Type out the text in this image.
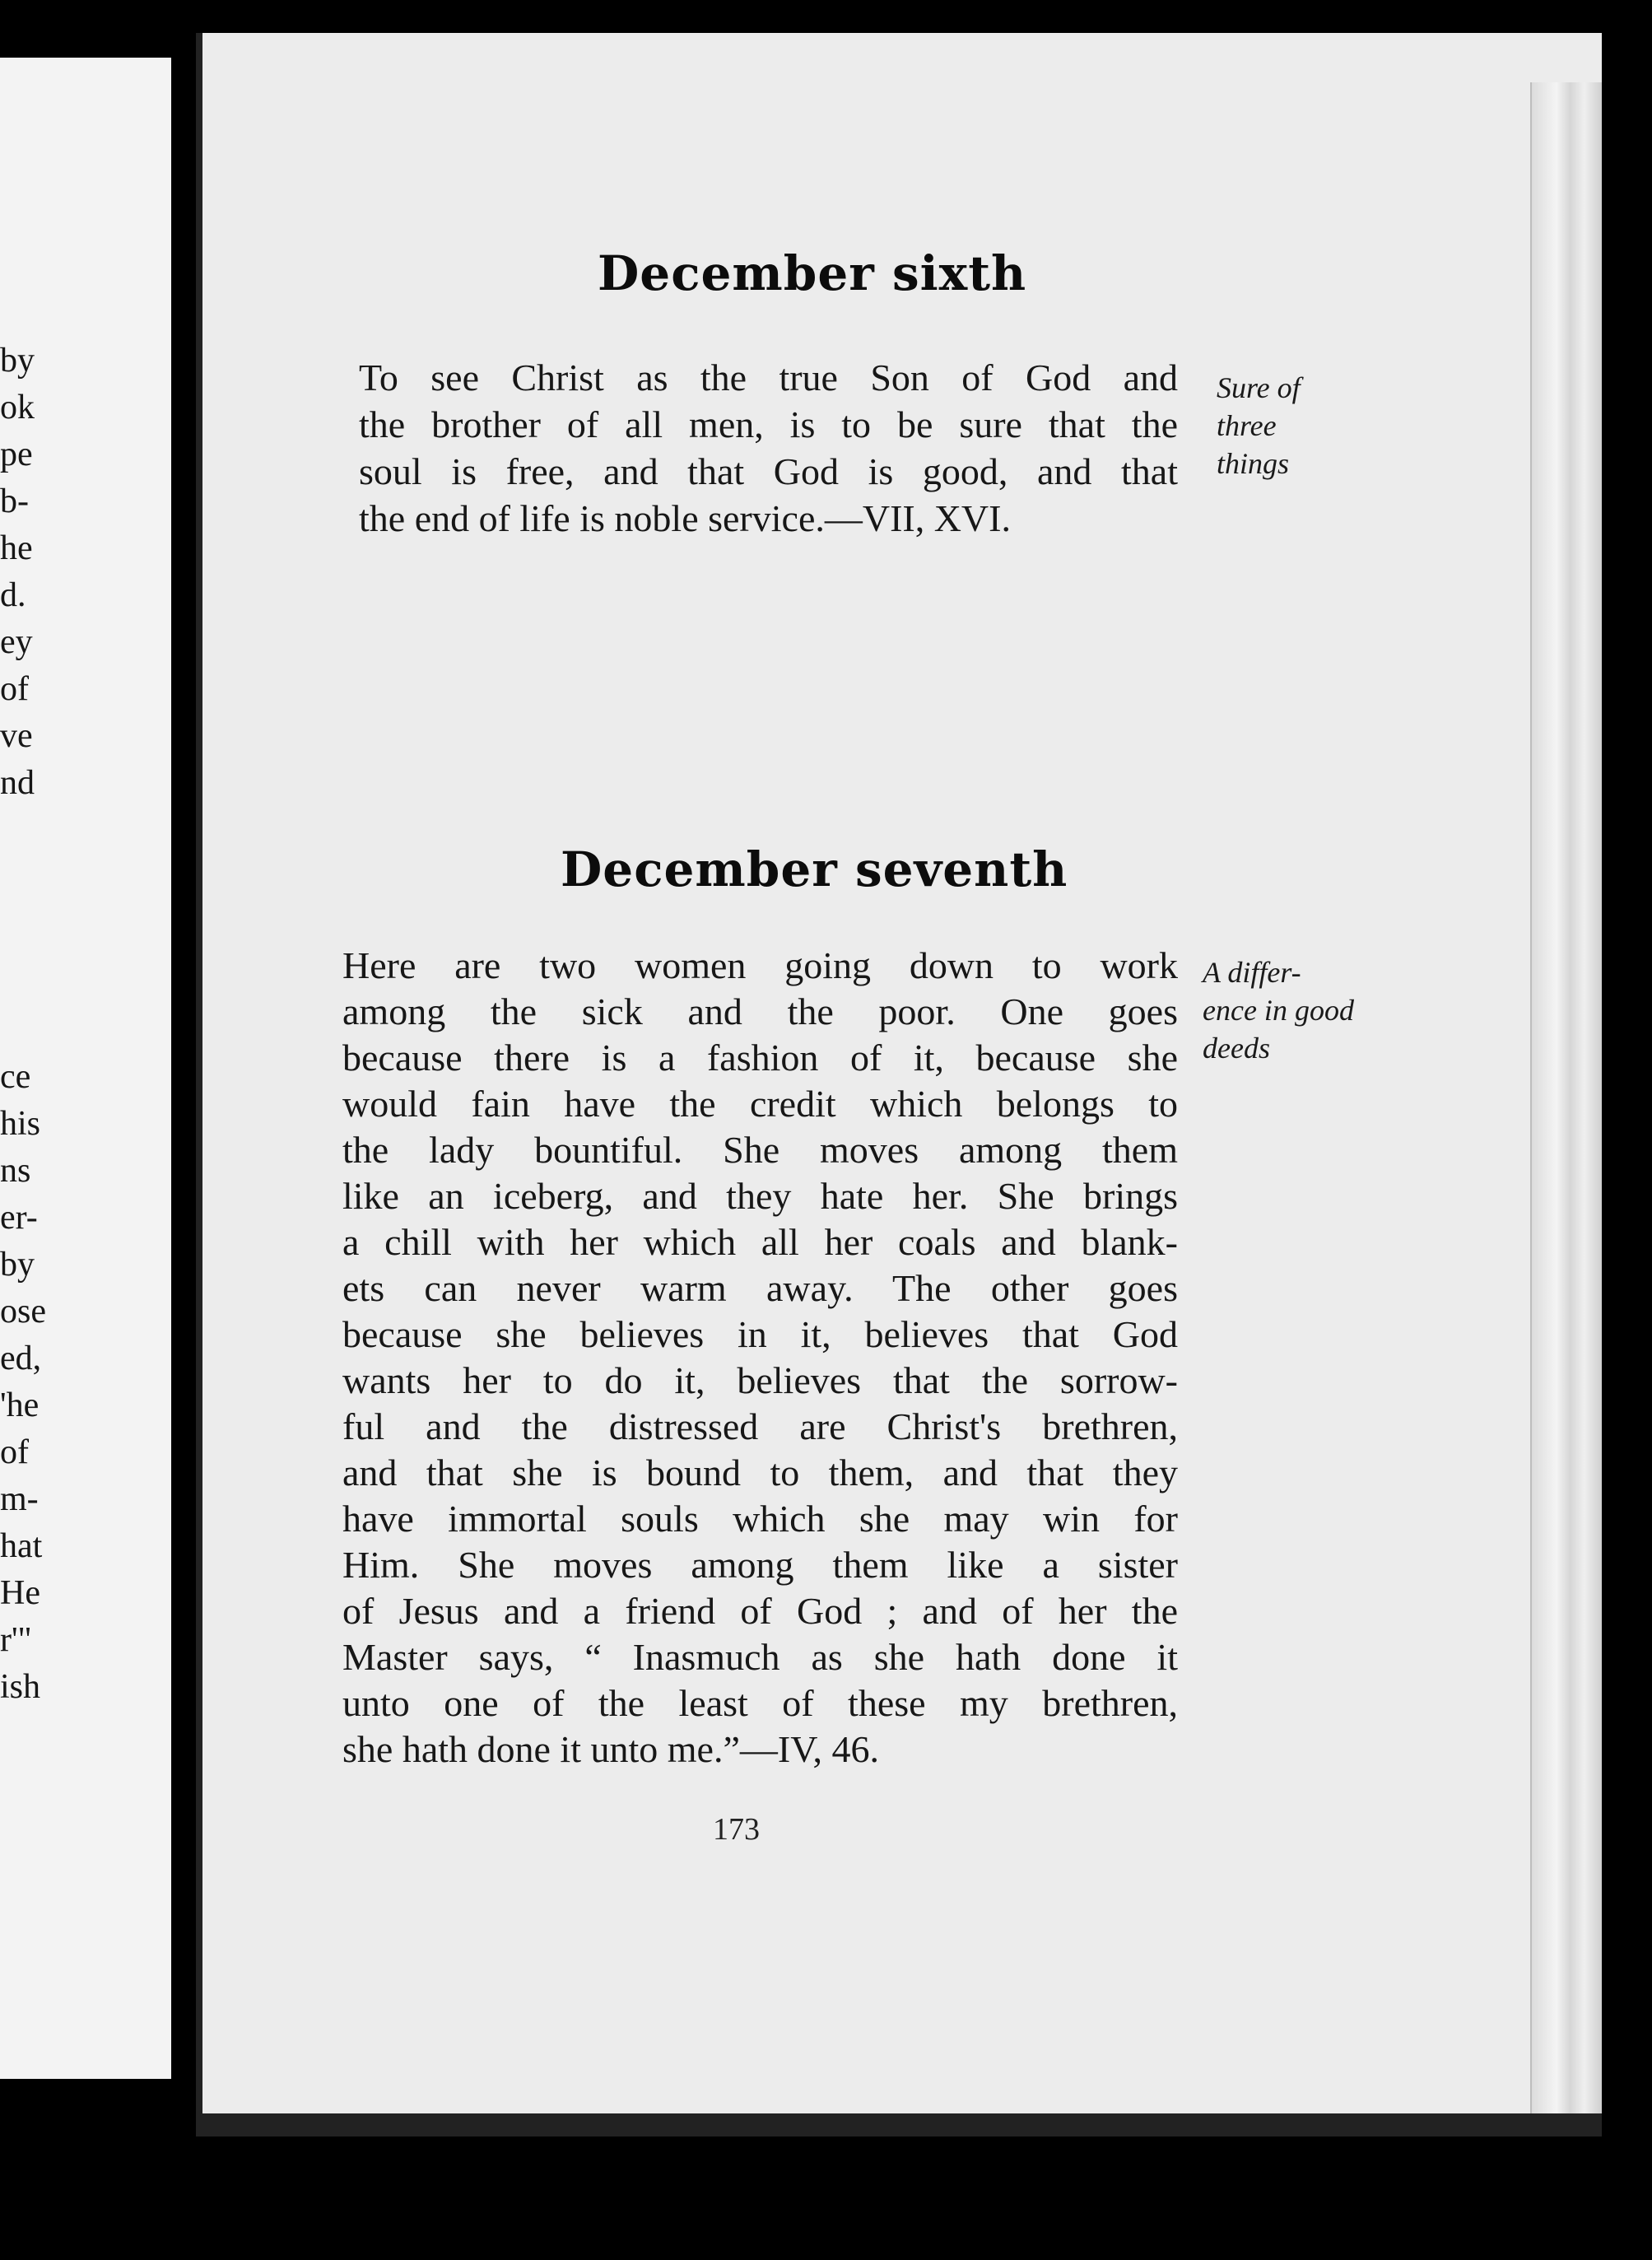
by
ok
pe
b-
he
d.
ey
of
ve
nd
ce
his
ns
er-
by
ose
ed,
'he
of
m-
hat
He
r'"
ish
December sixth
To see Christ as the true Son of God and
the brother of all men, is to be sure that the
soul is free, and that God is good, and that
the end of life is noble service.—VII, XVI.
Sure of
three
things
December seventh
Here are two women going down to work
among the sick and the poor. One goes
because there is a fashion of it, because she
would fain have the credit which belongs to
the lady bountiful. She moves among them
like an iceberg, and they hate her. She brings
a chill with her which all her coals and blank-
ets can never warm away. The other goes
because she believes in it, believes that God
wants her to do it, believes that the sorrow-
ful and the distressed are Christ's brethren,
and that she is bound to them, and that they
have immortal souls which she may win for
Him. She moves among them like a sister
of Jesus and a friend of God ; and of her the
Master says, “ Inasmuch as she hath done it
unto one of the least of these my brethren,
she hath done it unto me.”—IV, 46.
A differ-
ence in good
deeds
173
